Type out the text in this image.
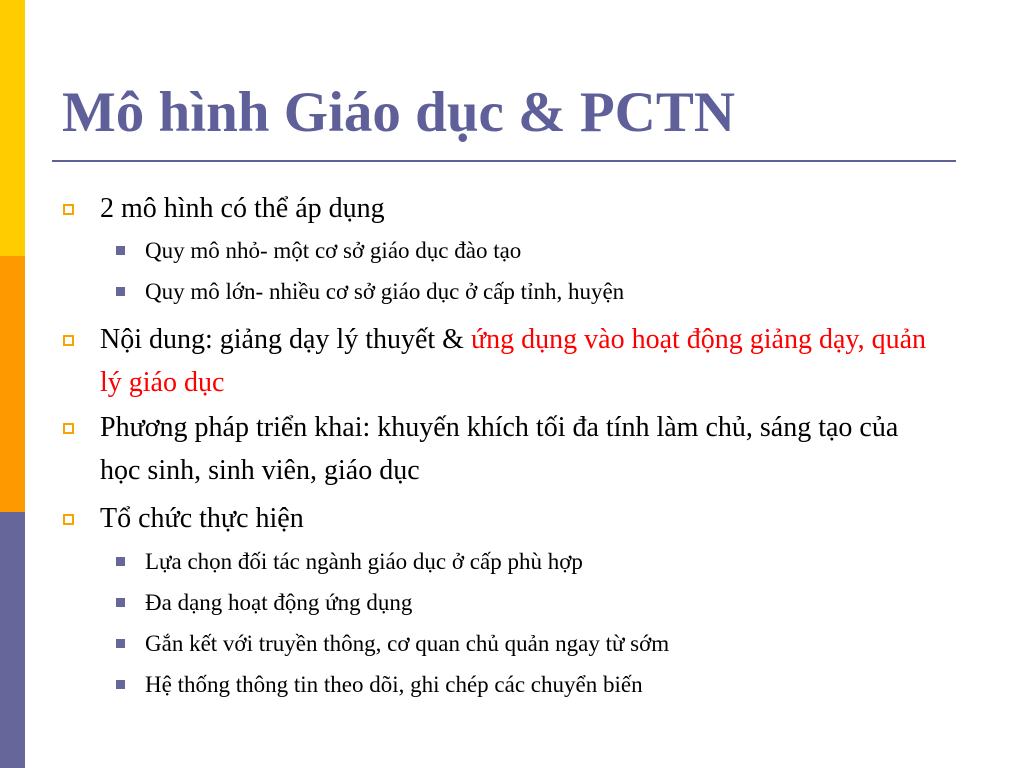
Mô hình Giáo dục & PCTN
2 mô hình có thể áp dụng
Quy mô nhỏ- một cơ sở giáo dục đào tạo
Quy mô lớn- nhiều cơ sở giáo dục ở cấp tỉnh, huyện
Nội dung: giảng dạy lý thuyết & ứng dụng vào hoạt động giảng dạy, quản lý giáo dục
Phương pháp triển khai: khuyến khích tối đa tính làm chủ, sáng tạo của học sinh, sinh viên, giáo dục
Tổ chức thực hiện
Lựa chọn đối tác ngành giáo dục ở cấp phù hợp
Đa dạng hoạt động ứng dụng
Gắn kết với truyền thông, cơ quan chủ quản ngay từ sớm
Hệ thống thông tin theo dõi, ghi chép các chuyển biến
